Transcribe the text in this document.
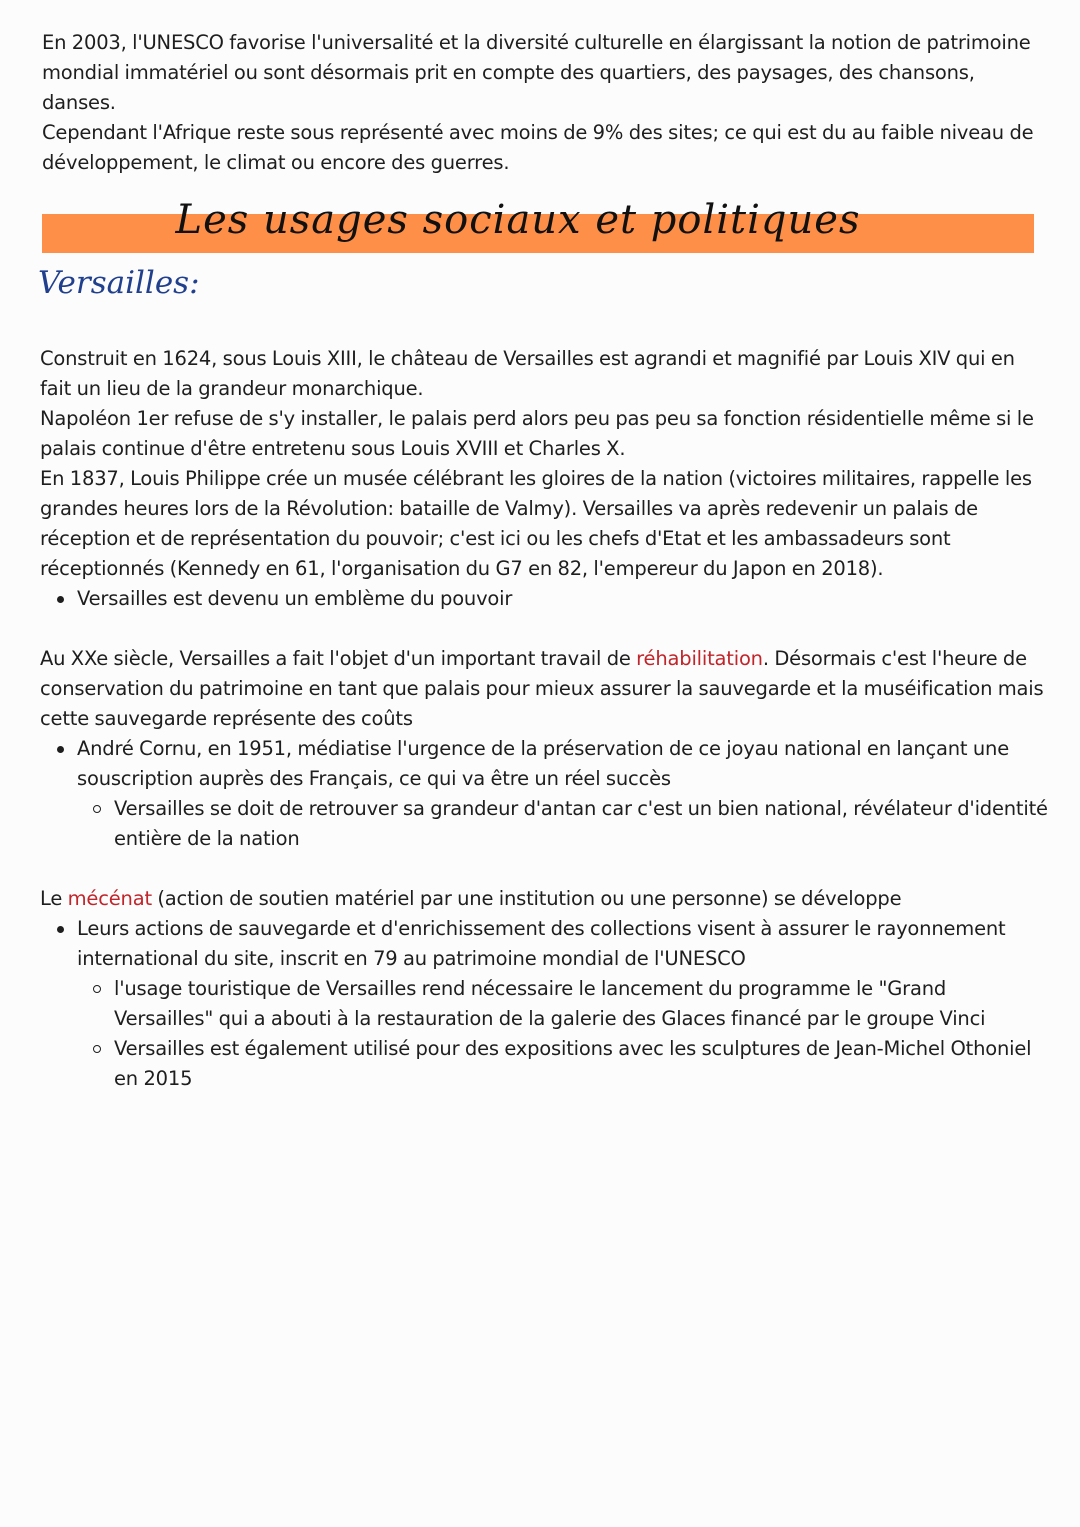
En 2003, l'UNESCO favorise l'universalité et la diversité culturelle en élargissant la notion de patrimoine mondial immatériel ou sont désormais prit en compte des quartiers, des paysages, des chansons, danses.

Cependant l'Afrique reste sous représenté avec moins de 9% des sites; ce qui est du au faible niveau de développement, le climat ou encore des guerres.

Les usages sociaux et politiques
Versailles:

Construit en 1624, sous Louis XIII, le château de Versailles est agrandi et magnifié par Louis XIV qui en fait un lieu de la grandeur monarchique.

Napoléon 1er refuse de s'y installer, le palais perd alors peu pas peu sa fonction résidentielle même si le palais continue d'être entretenu sous Louis XVIII et Charles X.

En 1837, Louis Philippe crée un musée célébrant les gloires de la nation (victoires militaires, rappelle les grandes heures lors de la Révolution: bataille de Valmy). Versailles va après redevenir un palais de réception et de représentation du pouvoir; c'est ici ou les chefs d'Etat et les ambassadeurs sont réceptionnés (Kennedy en 61, l'organisation du G7 en 82, l'empereur du Japon en 2018).

Versailles est devenu un emblème du pouvoir

Au XXe siècle, Versailles a fait l'objet d'un important travail de réhabilitation. Désormais c'est l'heure de conservation du patrimoine en tant que palais pour mieux assurer la sauvegarde et la muséification mais cette sauvegarde représente des coûts

André Cornu, en 1951, médiatise l'urgence de la préservation de ce joyau national en lançant une souscription auprès des Français, ce qui va être un réel succès
Versailles se doit de retrouver sa grandeur d'antan car c'est un bien national, révélateur d'identité entière de la nation

Le mécénat (action de soutien matériel par une institution ou une personne) se développe

Leurs actions de sauvegarde et d'enrichissement des collections visent à assurer le rayonnement international du site, inscrit en 79 au patrimoine mondial de l'UNESCO
l'usage touristique de Versailles rend nécessaire le lancement du programme le "Grand Versailles" qui a abouti à la restauration de la galerie des Glaces financé par le groupe Vinci
Versailles est également utilisé pour des expositions avec les sculptures de Jean-Michel Othoniel en 2015
